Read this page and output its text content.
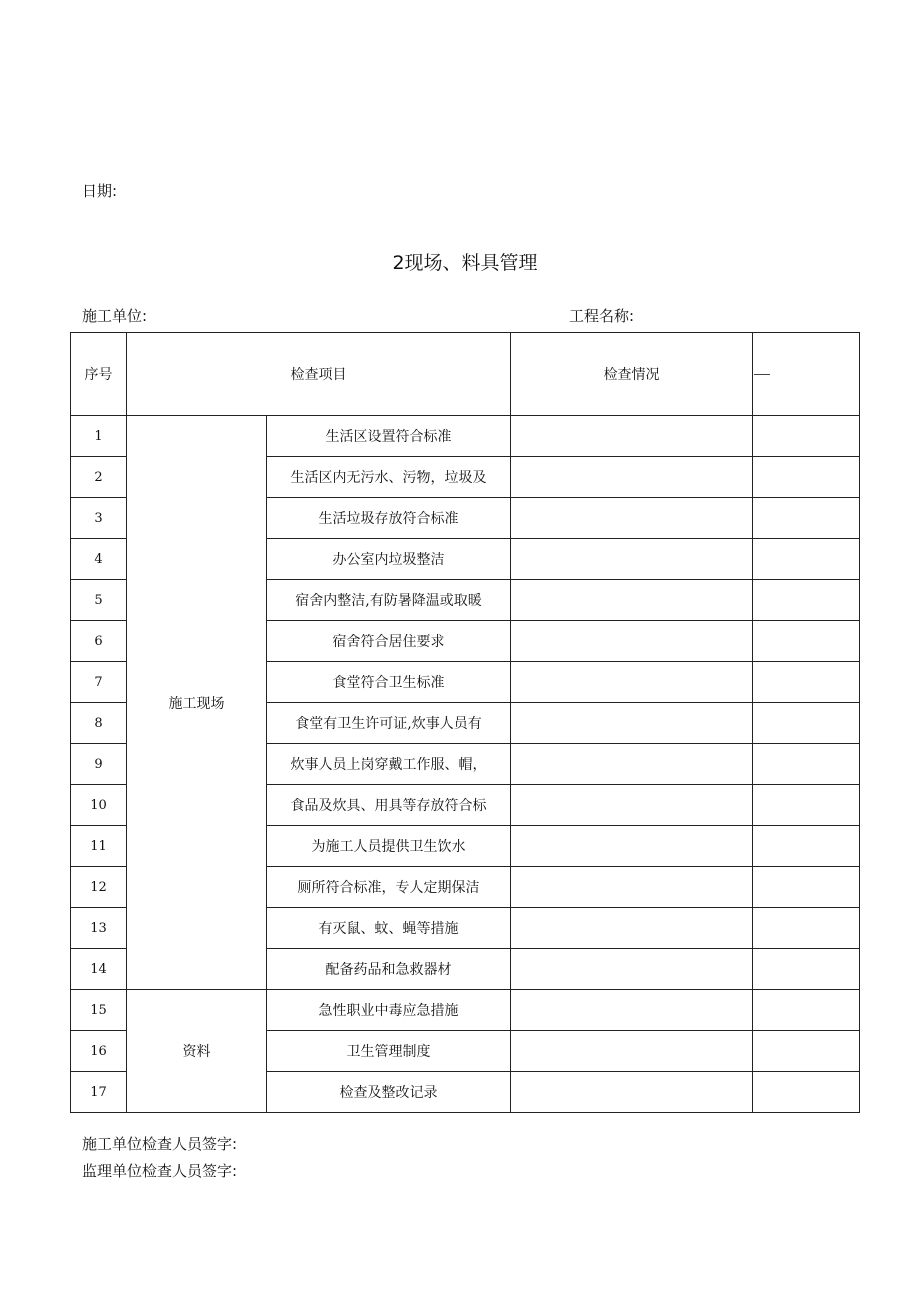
日期:
2现场、料具管理
施工单位:	工程名称:
序号	检查项目		检查情况	
1	施工现场	生活区设置符合标准		
2		生活区内无污水、污物，垃圾及		
3		生活垃圾存放符合标准		
4		办公室内垃圾整洁		
5		宿舍内整洁,有防暑降温或取暖		
6		宿舍符合居住要求		
7		食堂符合卫生标准		
8		食堂有卫生许可证,炊事人员有		
9		炊事人员上岗穿戴工作服、帽，		
10		食品及炊具、用具等存放符合标		
11		为施工人员提供卫生饮水		
12		厕所符合标准，专人定期保洁		
13		有灭鼠、蚊、蝇等措施		
14		配备药品和急救器材		
15	资料	急性职业中毒应急措施		
16		卫生管理制度		
17		检查及整改记录		
施工单位检查人员签字:
监理单位检查人员签字:
